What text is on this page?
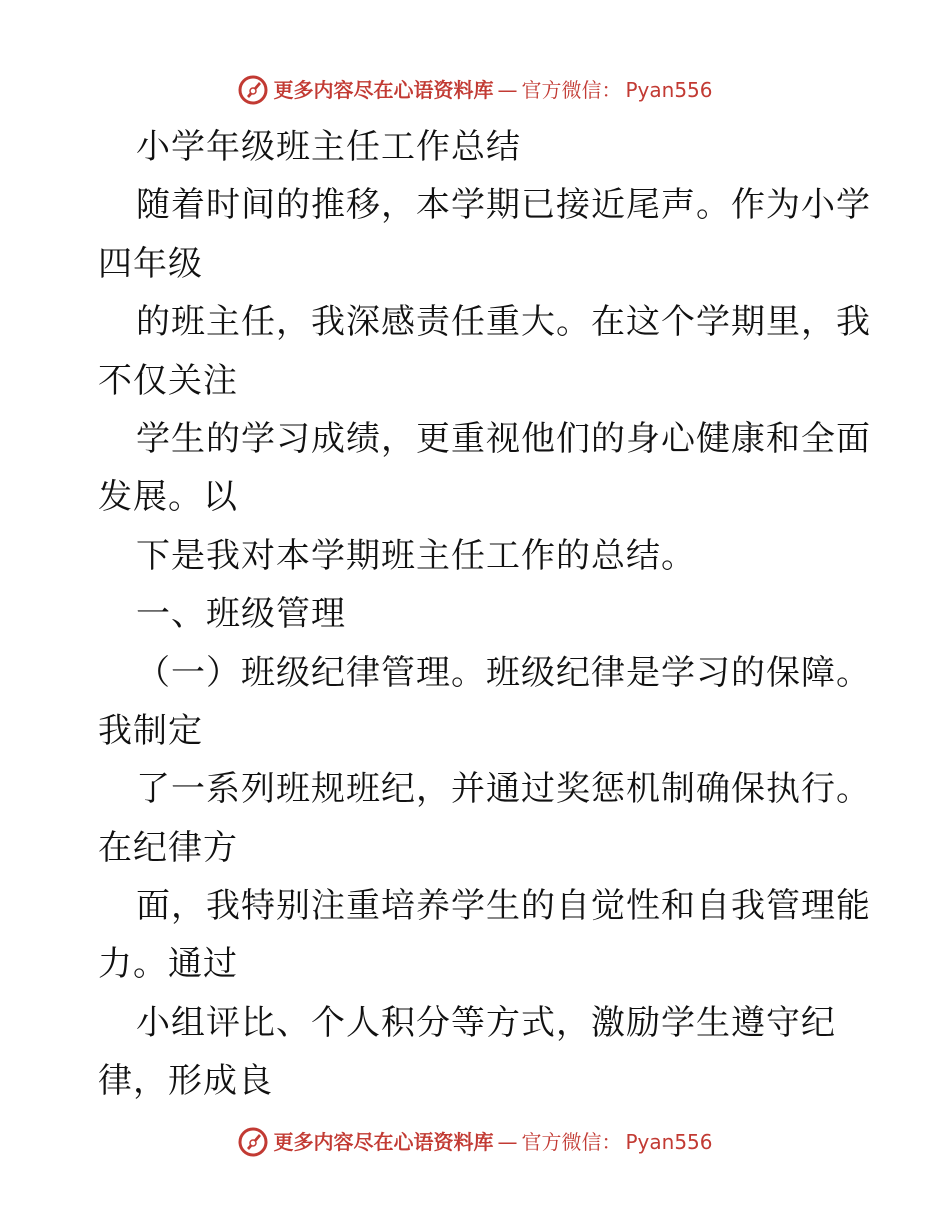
更多内容尽在心语资料库 — 官方微信： Pyan556
小学年级班主任工作总结
随着时间的推移，本学期已接近尾声。作为小学
四年级
的班主任，我深感责任重大。在这个学期里，我
不仅关注
学生的学习成绩，更重视他们的身心健康和全面
发展。以
下是我对本学期班主任工作的总结。
一、班级管理
（一）班级纪律管理。班级纪律是学习的保障。
我制定
了一系列班规班纪，并通过奖惩机制确保执行。
在纪律方
面，我特别注重培养学生的自觉性和自我管理能
力。通过
小组评比、个人积分等方式，激励学生遵守纪
律，形成良
更多内容尽在心语资料库 — 官方微信： Pyan556
